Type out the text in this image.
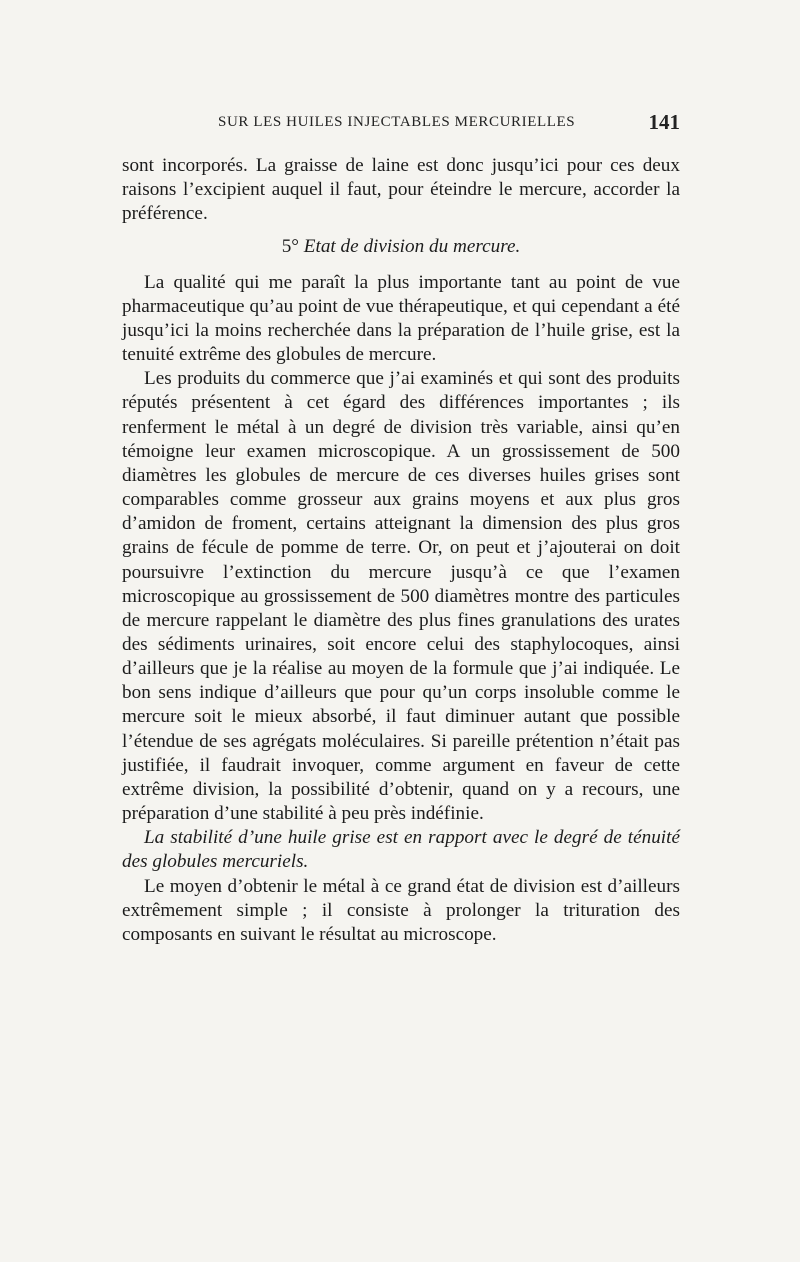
SUR LES HUILES INJECTABLES MERCURIELLES	141

sont incorporés. La graisse de laine est donc jusqu’ici pour ces deux raisons l’excipient auquel il faut, pour éteindre le mercure, accorder la préférence.

5° Etat de division du mercure.

La qualité qui me paraît la plus importante tant au point de vue pharmaceutique qu’au point de vue thérapeutique, et qui cependant a été jusqu’ici la moins recherchée dans la préparation de l’huile grise, est la tenuité extrême des globules de mercure.

Les produits du commerce que j’ai examinés et qui sont des produits réputés présentent à cet égard des différences importantes ; ils renferment le métal à un degré de division très variable, ainsi qu’en témoigne leur examen microscopique. A un grossissement de 500 diamètres les globules de mercure de ces diverses huiles grises sont comparables comme grosseur aux grains moyens et aux plus gros d’amidon de froment, certains atteignant la dimension des plus gros grains de fécule de pomme de terre. Or, on peut et j’ajouterai on doit poursuivre l’extinction du mercure jusqu’à ce que l’examen microscopique au grossissement de 500 diamètres montre des particules de mercure rappelant le diamètre des plus fines granulations des urates des sédiments urinaires, soit encore celui des staphylocoques, ainsi d’ailleurs que je la réalise au moyen de la formule que j’ai indiquée. Le bon sens indique d’ailleurs que pour qu’un corps insoluble comme le mercure soit le mieux absorbé, il faut diminuer autant que possible l’étendue de ses agrégats moléculaires. Si pareille prétention n’était pas justifiée, il faudrait invoquer, comme argument en faveur de cette extrême division, la possibilité d’obtenir, quand on y a recours, une préparation d’une stabilité à peu près indéfinie.

La stabilité d’une huile grise est en rapport avec le degré de ténuité des globules mercuriels.

Le moyen d’obtenir le métal à ce grand état de division est d’ailleurs extrêmement simple ; il consiste à prolonger la trituration des composants en suivant le résultat au microscope.
